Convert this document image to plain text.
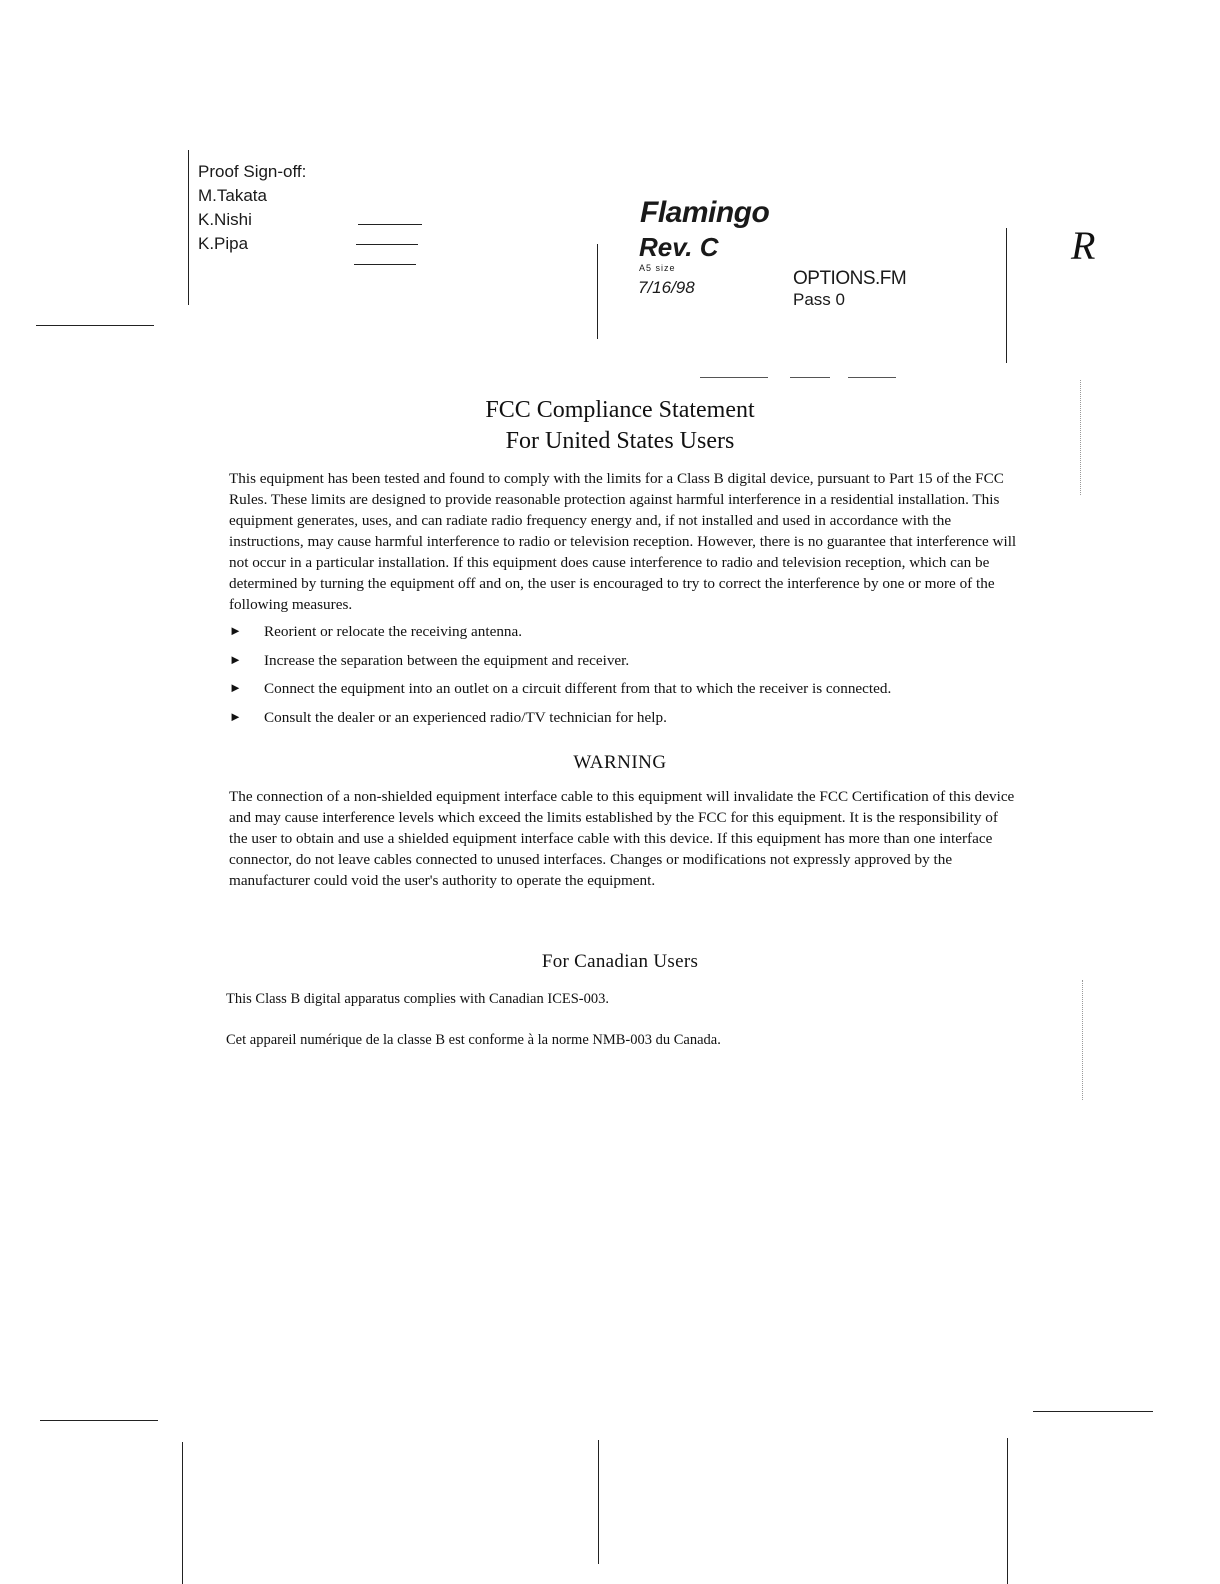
Proof Sign-off:
M.Takata
K.Nishi
K.Pipa
Flamingo
Rev. C
A5 size
7/16/98	OPTIONS.FM
Pass 0
R
FCC Compliance Statement
For United States Users
This equipment has been tested and found to comply with the limits for a Class B digital device, pursuant to Part 15 of the FCC Rules. These limits are designed to provide reasonable protection against harmful interference in a residential installation. This equipment generates, uses, and can radiate radio frequency energy and, if not installed and used in accordance with the instructions, may cause harmful interference to radio or television reception. However, there is no guarantee that interference will not occur in a particular installation. If this equipment does cause interference to radio and television reception, which can be determined by turning the equipment off and on, the user is encouraged to try to correct the interference by one or more of the following measures.
► Reorient or relocate the receiving antenna.
► Increase the separation between the equipment and receiver.
► Connect the equipment into an outlet on a circuit different from that to which the receiver is connected.
► Consult the dealer or an experienced radio/TV technician for help.
WARNING
The connection of a non-shielded equipment interface cable to this equipment will invalidate the FCC Certification of this device and may cause interference levels which exceed the limits established by the FCC for this equipment. It is the responsibility of the user to obtain and use a shielded equipment interface cable with this device. If this equipment has more than one interface connector, do not leave cables connected to unused interfaces. Changes or modifications not expressly approved by the manufacturer could void the user's authority to operate the equipment.
For Canadian Users
This Class B digital apparatus complies with Canadian ICES-003.
Cet appareil numérique de la classe B est conforme à la norme NMB-003 du Canada.
